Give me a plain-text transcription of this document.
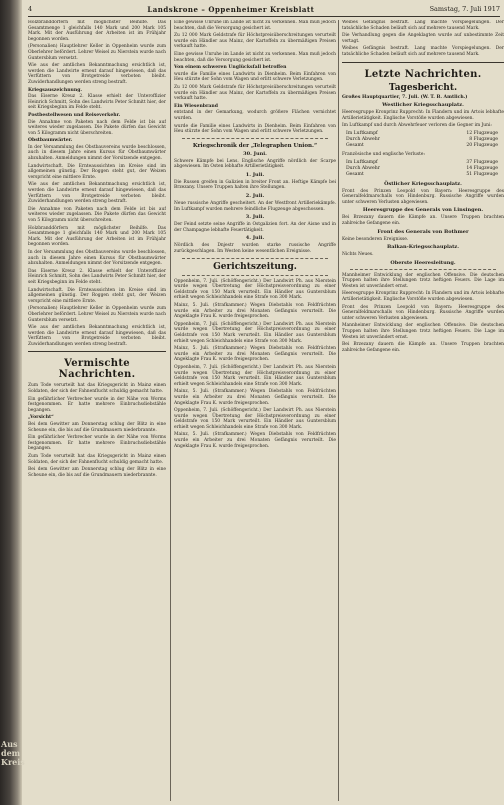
Aus dem Kreis
4	Landskrone – Oppenheimer Kreisblatt	Samstag, 7. Juli 1917

Holzbranddörfern mit möglichster Beihilfe. Das Gesamtmenge 1 gleichfalls 140 Mark und 200 Mark 105 Mark. Mit der Ausführung der Arbeiten ist im Frühjahr begonnen worden.

(Personalien) Hauptlehrer Keller in Oppenheim wurde zum Oberlehrer befördert. Lehrer Weisel zu Nierstein wurde nach Guntersblum versetzt.

Wie aus der amtlichen Bekanntmachung ersichtlich ist, werden die Landwirte erneut darauf hingewiesen, daß das Verfüttern von Brotgetreide verboten bleibt. Zuwiderhandlungen werden streng bestraft.

Kriegsauszeichnung.

Das Eiserne Kreuz 2. Klasse erhielt der Unteroffizier Heinrich Schmitt, Sohn des Landwirts Peter Schmitt hier, der seit Kriegsbeginn im Felde steht.

Postbestellwesen und Reiseverkehr.

Die Annahme von Paketen nach dem Felde ist bis auf weiteres wieder zugelassen. Die Pakete dürfen das Gewicht von 5 Kilogramm nicht überschreiten.

Obstbaumwärter.

In der Versammlung des Obstbauvereins wurde beschlossen, auch in diesem Jahre einen Kursus für Obstbaumwärter abzuhalten. Anmeldungen nimmt der Vorsitzende entgegen.

Landwirtschaft. Die Ernteaussichten im Kreise sind im allgemeinen günstig. Der Roggen steht gut, der Weizen verspricht eine mittlere Ernte.

Wie aus der amtlichen Bekanntmachung ersichtlich ist, werden die Landwirte erneut darauf hingewiesen, daß das Verfüttern von Brotgetreide verboten bleibt. Zuwiderhandlungen werden streng bestraft.

Die Annahme von Paketen nach dem Felde ist bis auf weiteres wieder zugelassen. Die Pakete dürfen das Gewicht von 5 Kilogramm nicht überschreiten.

Holzbranddörfern mit möglichster Beihilfe. Das Gesamtmenge 1 gleichfalls 140 Mark und 200 Mark 105 Mark. Mit der Ausführung der Arbeiten ist im Frühjahr begonnen worden.

In der Versammlung des Obstbauvereins wurde beschlossen, auch in diesem Jahre einen Kursus für Obstbaumwärter abzuhalten. Anmeldungen nimmt der Vorsitzende entgegen.

Das Eiserne Kreuz 2. Klasse erhielt der Unteroffizier Heinrich Schmitt, Sohn des Landwirts Peter Schmitt hier, der seit Kriegsbeginn im Felde steht.

Landwirtschaft. Die Ernteaussichten im Kreise sind im allgemeinen günstig. Der Roggen steht gut, der Weizen verspricht eine mittlere Ernte.

(Personalien) Hauptlehrer Keller in Oppenheim wurde zum Oberlehrer befördert. Lehrer Weisel zu Nierstein wurde nach Guntersblum versetzt.

Wie aus der amtlichen Bekanntmachung ersichtlich ist, werden die Landwirte erneut darauf hingewiesen, daß das Verfüttern von Brotgetreide verboten bleibt. Zuwiderhandlungen werden streng bestraft.

Vermischte Nachrichten.

Zum Tode verurteilt hat das Kriegsgericht in Mainz einen Soldaten, der sich der Fahnenflucht schuldig gemacht hatte.

Ein gefährlicher Verbrecher wurde in der Nähe von Worms festgenommen. Er hatte mehrere Einbruchsdiebstähle begangen.

„Vorsicht“

Bei dem Gewitter am Donnerstag schlug der Blitz in eine Scheune ein, die bis auf die Grundmauern niederbrannte.

Ein gefährlicher Verbrecher wurde in der Nähe von Worms festgenommen. Er hatte mehrere Einbruchsdiebstähle begangen.

Zum Tode verurteilt hat das Kriegsgericht in Mainz einen Soldaten, der sich der Fahnenflucht schuldig gemacht hatte.

Bei dem Gewitter am Donnerstag schlug der Blitz in eine Scheune ein, die bis auf die Grundmauern niederbrannte.

Eine gewisse Unruhe im Lande ist nicht zu verkennen. Man muß jedoch beachten, daß die Versorgung gesichert ist.

Zu 12 000 Mark Geldstrafe für Höchstpreisüberschreitungen verurteilt wurde ein Händler aus Mainz, der Kartoffeln zu übermäßigen Preisen verkauft hatte.

Eine gewisse Unruhe im Lande ist nicht zu verkennen. Man muß jedoch beachten, daß die Versorgung gesichert ist.

Von einem schweren Unglücksfall betroffen

wurde die Familie eines Landwirts in Dienheim. Beim Einfahren von Heu stürzte der Sohn vom Wagen und erlitt schwere Verletzungen.

Zu 12 000 Mark Geldstrafe für Höchstpreisüberschreitungen verurteilt wurde ein Händler aus Mainz, der Kartoffeln zu übermäßigen Preisen verkauft hatte.

Ein Wiesenbrand

entstand in der Gemarkung, wodurch größere Flächen vernichtet wurden.

wurde die Familie eines Landwirts in Dienheim. Beim Einfahren von Heu stürzte der Sohn vom Wagen und erlitt schwere Verletzungen.

Kriegschronik der „Telegraphen Union.“
30. Juni.

Schwere Kämpfe bei Lens. Englische Angriffe nördlich der Scarpe abgewiesen. Im Osten lebhafte Artillerietätigkeit.

1. Juli.

Die Russen greifen in Galizien in breiter Front an. Heftige Kämpfe bei Brzezany. Unsere Truppen halten ihre Stellungen.

2. Juli.

Neue russische Angriffe gescheitert. An der Westfront Artilleriekämpfe. Im Luftkampf wurden mehrere feindliche Flugzeuge abgeschossen.

3. Juli.

Der Feind setzte seine Angriffe in Ostgalizien fort. An der Aisne und in der Champagne lebhafte Feuertätigkeit.

4. Juli.

Nördlich des Dnjestr wurden starke russische Angriffe zurückgeschlagen. Im Westen keine wesentlichen Ereignisse.

Gerichtszeitung.

Oppenheim, 7. Juli. (Schöffengericht.) Der Landwirt Ph. aus Nierstein wurde wegen Übertretung der Höchstpreisverordnung zu einer Geldstrafe von 150 Mark verurteilt. Ein Händler aus Guntersblum erhielt wegen Schleichhandels eine Strafe von 300 Mark.

Mainz, 5. Juli. (Strafkammer.) Wegen Diebstahls von Feldfrüchten wurde ein Arbeiter zu drei Monaten Gefängnis verurteilt. Die Angeklagte Frau K. wurde freigesprochen.

Oppenheim, 7. Juli. (Schöffengericht.) Der Landwirt Ph. aus Nierstein wurde wegen Übertretung der Höchstpreisverordnung zu einer Geldstrafe von 150 Mark verurteilt. Ein Händler aus Guntersblum erhielt wegen Schleichhandels eine Strafe von 300 Mark.

Mainz, 5. Juli. (Strafkammer.) Wegen Diebstahls von Feldfrüchten wurde ein Arbeiter zu drei Monaten Gefängnis verurteilt. Die Angeklagte Frau K. wurde freigesprochen.

Oppenheim, 7. Juli. (Schöffengericht.) Der Landwirt Ph. aus Nierstein wurde wegen Übertretung der Höchstpreisverordnung zu einer Geldstrafe von 150 Mark verurteilt. Ein Händler aus Guntersblum erhielt wegen Schleichhandels eine Strafe von 300 Mark.

Mainz, 5. Juli. (Strafkammer.) Wegen Diebstahls von Feldfrüchten wurde ein Arbeiter zu drei Monaten Gefängnis verurteilt. Die Angeklagte Frau K. wurde freigesprochen.

Oppenheim, 7. Juli. (Schöffengericht.) Der Landwirt Ph. aus Nierstein wurde wegen Übertretung der Höchstpreisverordnung zu einer Geldstrafe von 150 Mark verurteilt. Ein Händler aus Guntersblum erhielt wegen Schleichhandels eine Strafe von 300 Mark.

Mainz, 5. Juli. (Strafkammer.) Wegen Diebstahls von Feldfrüchten wurde ein Arbeiter zu drei Monaten Gefängnis verurteilt. Die Angeklagte Frau K. wurde freigesprochen.

Weibes Gefängnis bestraft. Lang machte Vorspiegelungen. Der tatsächliche Schaden beläuft sich auf mehrere tausend Mark.

Die Verhandlung gegen die Angeklagten wurde auf unbestimmte Zeit vertagt.

Weibes Gefängnis bestraft. Lang machte Vorspiegelungen. Der tatsächliche Schaden beläuft sich auf mehrere tausend Mark.

Letzte Nachrichten.
Tagesbericht.
Großes Hauptquartier, 7. Juli. (W. T. B. Amtlich.)
Westlicher Kriegsschauplatz.

Heeresgruppe Kronprinz Rupprecht: In Flandern und im Artois lebhafte Artillerietätigkeit. Englische Vorstöße wurden abgewiesen.

Im Luftkampf und durch Abwehrfeuer verloren die Gegner im Juni:

Im Luftkampf	12 Flugzeuge
Durch Abwehr	8 Flugzeuge
Gesamt	20 Flugzeuge

Französische und englische Verluste:

Im Luftkampf	37 Flugzeuge
Durch Abwehr	14 Flugzeuge
Gesamt	51 Flugzeuge
Östlicher Kriegsschauplatz.

Front des Prinzen Leopold von Bayern: Heeresgruppe des Generalfeldmarschalls von Hindenburg. Russische Angriffe wurden unter schweren Verlusten abgewiesen.

Heeresgruppe des Generals von Linsingen.

Bei Brzezany dauern die Kämpfe an. Unsere Truppen brachten zahlreiche Gefangene ein.

Front des Generals von Bothmer

Keine besonderen Ereignisse.

Balkan-Kriegsschauplatz.

Nichts Neues.

Oberste Heeresleitung.

Mannheimer Entwicklung der englischen Offensive. Die deutschen Truppen halten ihre Stellungen trotz heftigen Feuers. Die Lage im Westen ist unverändert ernst.

Heeresgruppe Kronprinz Rupprecht: In Flandern und im Artois lebhafte Artillerietätigkeit. Englische Vorstöße wurden abgewiesen.

Front des Prinzen Leopold von Bayern: Heeresgruppe des Generalfeldmarschalls von Hindenburg. Russische Angriffe wurden unter schweren Verlusten abgewiesen.

Mannheimer Entwicklung der englischen Offensive. Die deutschen Truppen halten ihre Stellungen trotz heftigen Feuers. Die Lage im Westen ist unverändert ernst.

Bei Brzezany dauern die Kämpfe an. Unsere Truppen brachten zahlreiche Gefangene ein.
